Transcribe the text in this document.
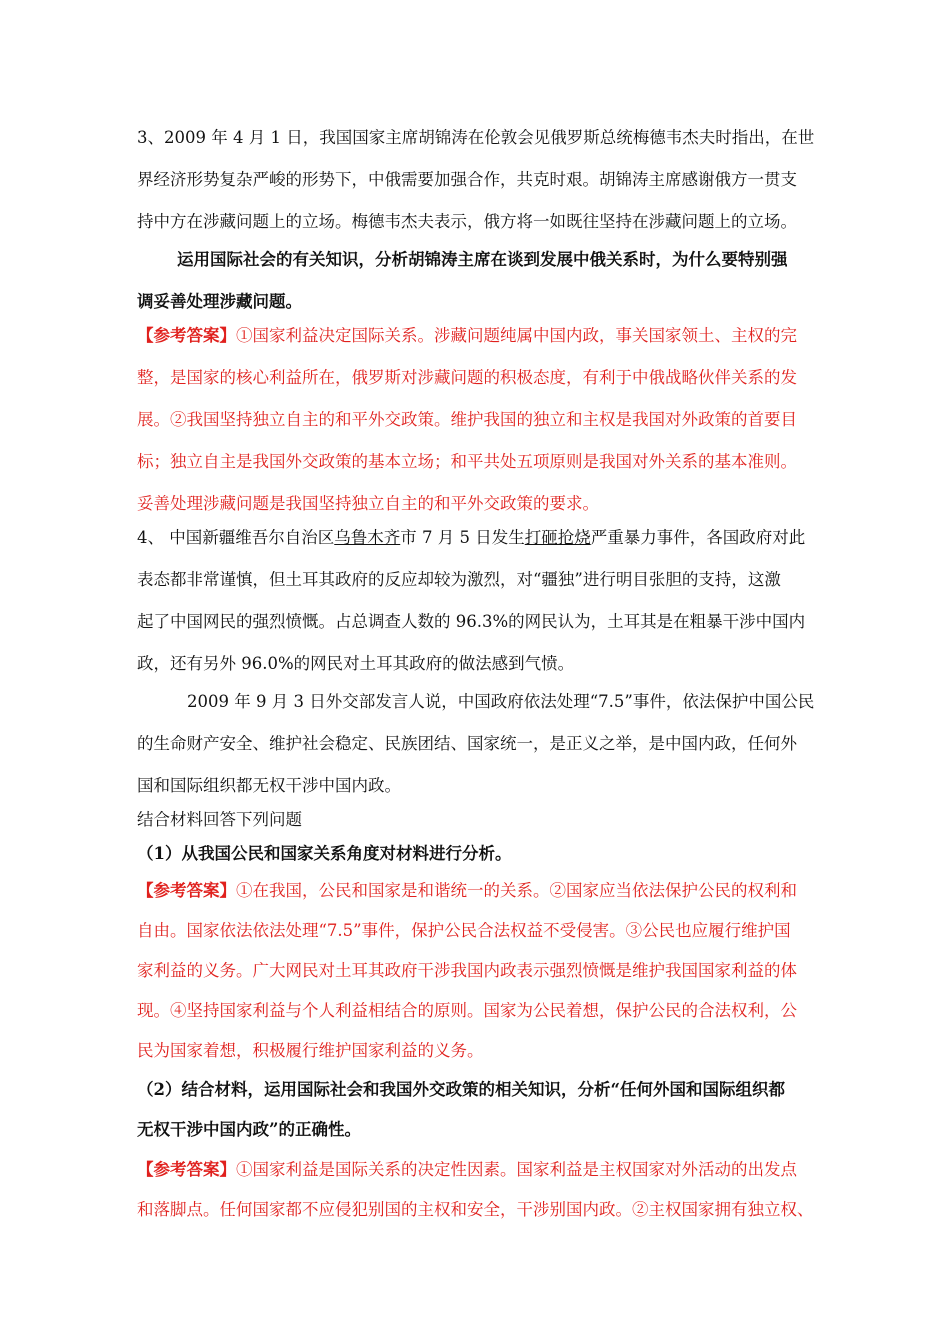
3、2009 年 4 月 1 日，我国国家主席胡锦涛在伦敦会见俄罗斯总统梅德韦杰夫时指出，在世
界经济形势复杂严峻的形势下，中俄需要加强合作，共克时艰。胡锦涛主席感谢俄方一贯支
持中方在涉藏问题上的立场。梅德韦杰夫表示，俄方将一如既往坚持在涉藏问题上的立场。
运用国际社会的有关知识，分析胡锦涛主席在谈到发展中俄关系时，为什么要特别强
调妥善处理涉藏问题。
【参考答案】①国家利益决定国际关系。涉藏问题纯属中国内政，事关国家领土、主权的完
整，是国家的核心利益所在，俄罗斯对涉藏问题的积极态度，有利于中俄战略伙伴关系的发
展。②我国坚持独立自主的和平外交政策。维护我国的独立和主权是我国对外政策的首要目
标；独立自主是我国外交政策的基本立场；和平共处五项原则是我国对外关系的基本准则。
妥善处理涉藏问题是我国坚持独立自主的和平外交政策的要求。
4、 中国新疆维吾尔自治区乌鲁木齐市 7 月 5 日发生打砸抢烧严重暴力事件，各国政府对此
表态都非常谨慎，但土耳其政府的反应却较为激烈，对“疆独”进行明目张胆的支持，这激
起了中国网民的强烈愤慨。占总调查人数的 96.3%的网民认为，土耳其是在粗暴干涉中国内
政，还有另外 96.0%的网民对土耳其政府的做法感到气愤。
2009 年 9 月 3 日外交部发言人说，中国政府依法处理“7.5”事件，依法保护中国公民
的生命财产安全、维护社会稳定、民族团结、国家统一，是正义之举，是中国内政，任何外
国和国际组织都无权干涉中国内政。
结合材料回答下列问题
（1）从我国公民和国家关系角度对材料进行分析。
【参考答案】①在我国，公民和国家是和谐统一的关系。②国家应当依法保护公民的权利和
自由。国家依法依法处理“7.5”事件，保护公民合法权益不受侵害。③公民也应履行维护国
家利益的义务。广大网民对土耳其政府干涉我国内政表示强烈愤慨是维护我国国家利益的体
现。④坚持国家利益与个人利益相结合的原则。国家为公民着想，保护公民的合法权利，公
民为国家着想，积极履行维护国家利益的义务。
（2）结合材料，运用国际社会和我国外交政策的相关知识，分析“任何外国和国际组织都
无权干涉中国内政”的正确性。
【参考答案】①国家利益是国际关系的决定性因素。国家利益是主权国家对外活动的出发点
和落脚点。任何国家都不应侵犯别国的主权和安全，干涉别国内政。②主权国家拥有独立权、
